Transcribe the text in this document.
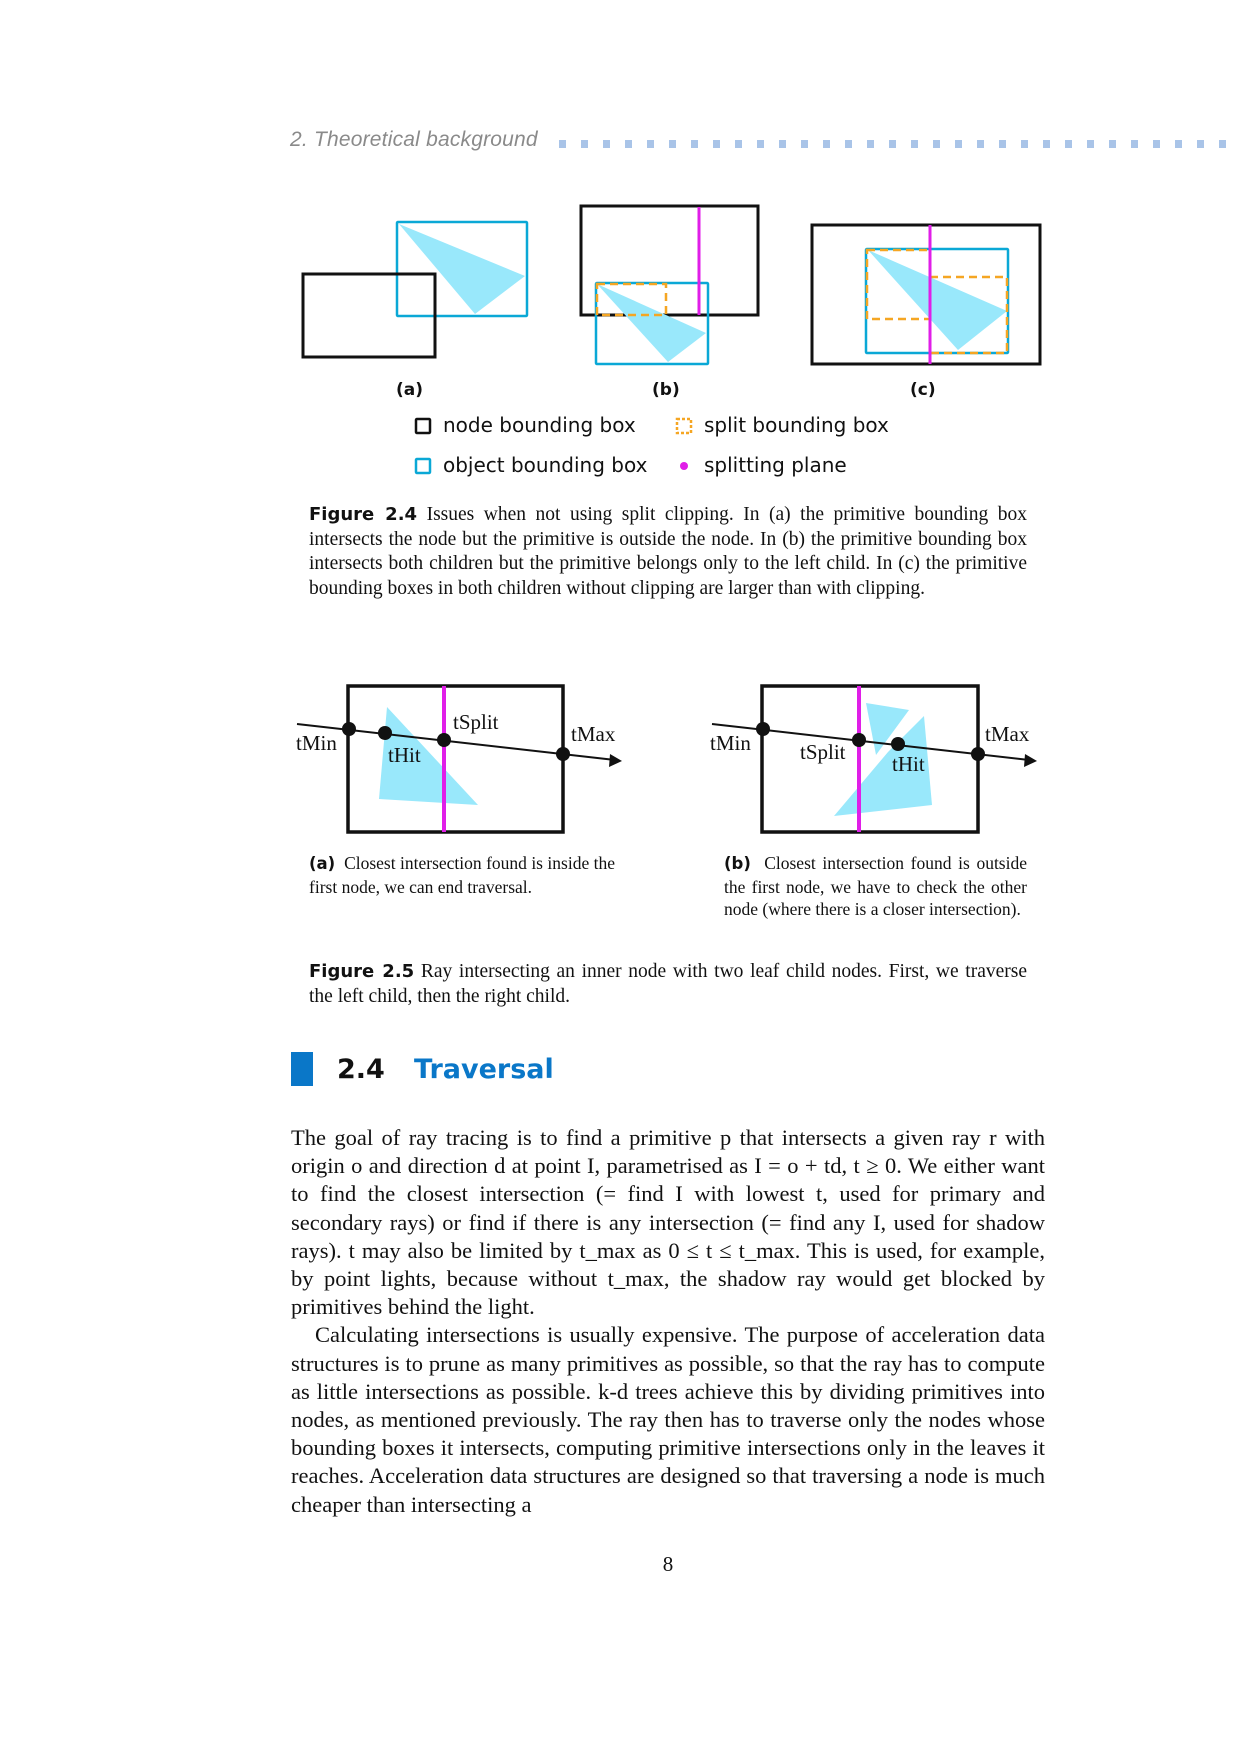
2. Theoretical background
(a)	(b)	(c)
node bounding box	split bounding box
object bounding box	splitting plane
Figure 2.4 Issues when not using split clipping. In (a) the primitive bounding box intersects the node but the primitive is outside the node. In (b) the primitive bounding box intersects both children but the primitive belongs only to the left child. In (c) the primitive bounding boxes in both children without clipping are larger than with clipping.
tMin tHit
tSplit	tMax	tMin tSplit tHit
tMax
(a) Closest intersection found is inside the first node, we can end traversal.
(b) Closest intersection found is outside the first node, we have to check the other node (where there is a closer intersection).
Figure 2.5 Ray intersecting an inner node with two leaf child nodes. First, we traverse the left child, then the right child.
2.4 Traversal

The goal of ray tracing is to find a primitive p that intersects a given ray r with origin o and direction d at point I, parametrised as I = o + td, t ≥ 0. We either want to find the closest intersection (= find I with lowest t, used for primary and secondary rays) or find if there is any intersection (= find any I, used for shadow rays). t may also be limited by t_max as 0 ≤ t ≤ t_max. This is used, for example, by point lights, because without t_max, the shadow ray would get blocked by primitives behind the light.

Calculating intersections is usually expensive. The purpose of acceleration data structures is to prune as many primitives as possible, so that the ray has to compute as little intersections as possible. k-d trees achieve this by dividing primitives into nodes, as mentioned previously. The ray then has to traverse only the nodes whose bounding boxes it intersects, computing primitive intersections only in the leaves it reaches. Acceleration data structures are designed so that traversing a node is much cheaper than intersecting a

8
